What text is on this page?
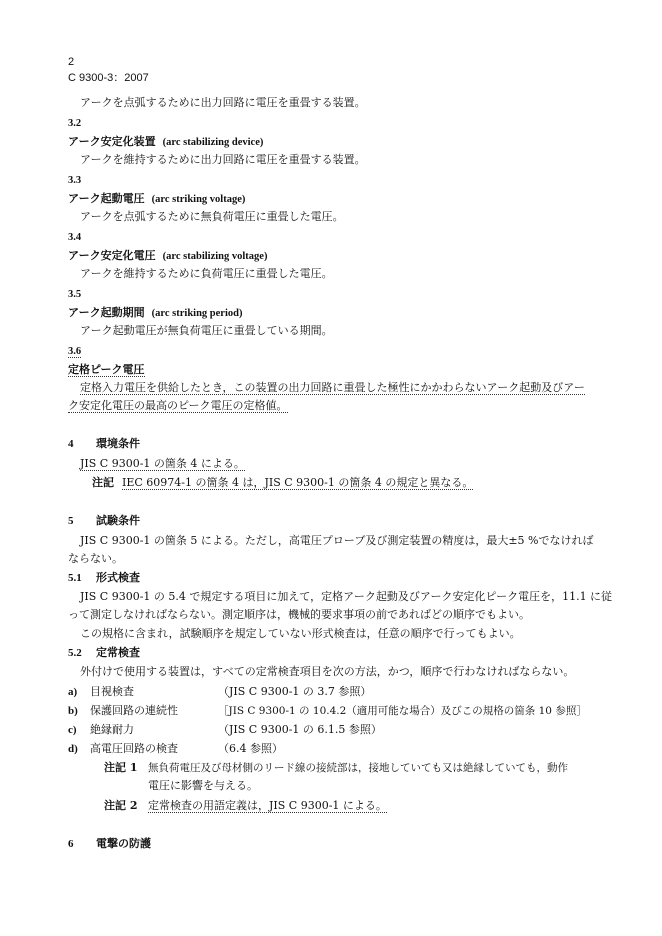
2
C 9300-3：2007
アークを点弧するために出力回路に電圧を重畳する装置。
3.2
アーク安定化装置 (arc stabilizing device)
アークを維持するために出力回路に電圧を重畳する装置。
3.3
アーク起動電圧 (arc striking voltage)
アークを点弧するために無負荷電圧に重畳した電圧。
3.4
アーク安定化電圧 (arc stabilizing voltage)
アークを維持するために負荷電圧に重畳した電圧。
3.5
アーク起動期間 (arc striking period)
アーク起動電圧が無負荷電圧に重畳している期間。
3.6
定格ピーク電圧
定格入力電圧を供給したとき，この装置の出力回路に重畳した極性にかかわらないアーク起動及びアー
ク安定化電圧の最高のピーク電圧の定格値。
4 環境条件
JIS C 9300-1 の箇条 4 による。
注記 IEC 60974-1 の箇条 4 は，JIS C 9300-1 の箇条 4 の規定と異なる。
5 試験条件
JIS C 9300-1 の箇条 5 による。ただし，高電圧プローブ及び測定装置の精度は，最大±5 %でなければ
ならない。
5.1 形式検査
JIS C 9300-1 の 5.4 で規定する項目に加えて，定格アーク起動及びアーク安定化ピーク電圧を，11.1 に従
って測定しなければならない。測定順序は，機械的要求事項の前であればどの順序でもよい。
この規格に含まれ，試験順序を規定していない形式検査は，任意の順序で行ってもよい。
5.2 定常検査
外付けで使用する装置は，すべての定常検査項目を次の方法，かつ，順序で行わなければならない。
a) 目視検査	（JIS C 9300-1 の 3.7 参照）
b) 保護回路の連続性	［JIS C 9300-1 の 10.4.2（適用可能な場合）及びこの規格の箇条 10 参照］
c) 絶縁耐力	（JIS C 9300-1 の 6.1.5 参照）
d) 高電圧回路の検査	（6.4 参照）
注記 1 無負荷電圧及び母材側のリード線の接続部は，接地していても又は絶縁していても，動作
電圧に影響を与える。
注記 2 定常検査の用語定義は，JIS C 9300-1 による。
6 電撃の防護
